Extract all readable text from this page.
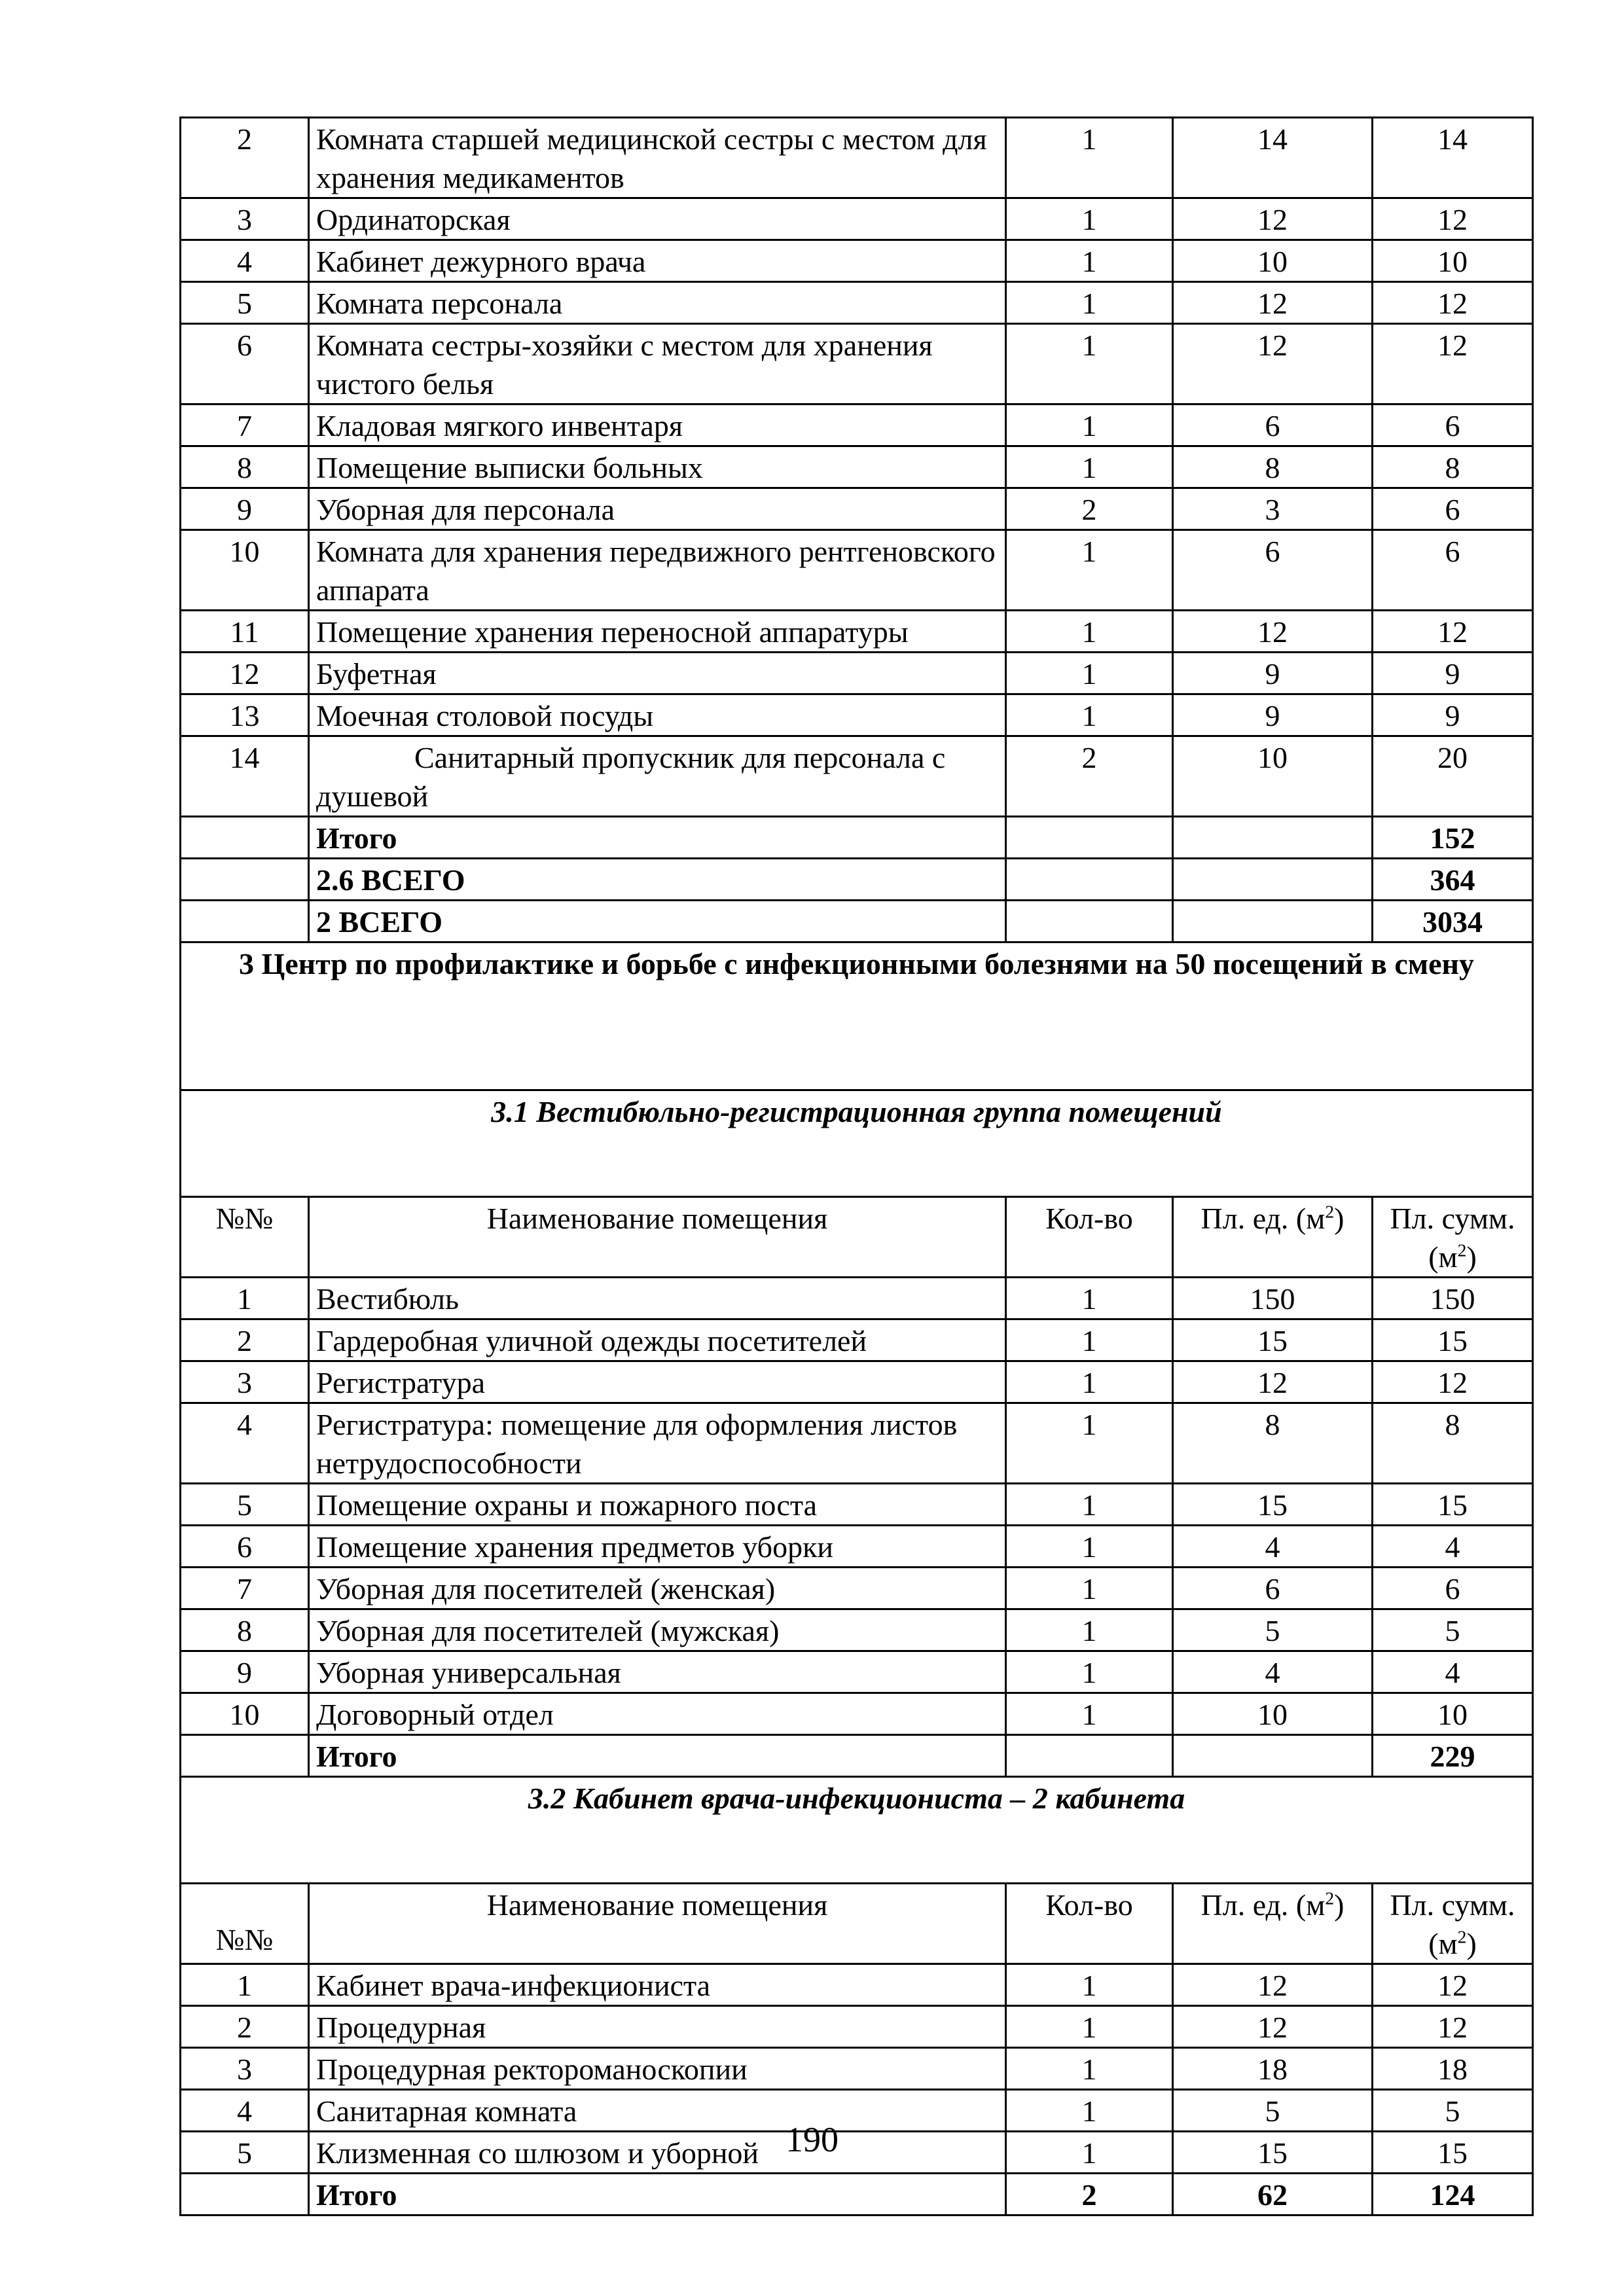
2	Комната старшей медицинской сестры с местом для хранения медикаментов	1	14	14
3	Ординаторская	1	12	12
4	Кабинет дежурного врача	1	10	10
5	Комната персонала	1	12	12
6	Комната сестры-хозяйки с местом для хранения чистого белья	1	12	12
7	Кладовая мягкого инвентаря	1	6	6
8	Помещение выписки больных	1	8	8
9	Уборная для персонала	2	3	6
10	Комната для хранения передвижного рентгеновского аппарата	1	6	6
11	Помещение хранения переносной аппаратуры	1	12	12
12	Буфетная	1	9	9
13	Моечная столовой посуды	1	9	9
14	Санитарный пропускник для персонала с душевой	2	10	20
	Итого			152
	2.6 ВСЕГО			364
	2 ВСЕГО			3034
3 Центр по профилактике и борьбе с инфекционными болезнями на 50 посещений в смену				
3.1 Вестибюльно-регистрационная группа помещений				
№№	Наименование помещения	Кол-во	Пл. ед. $(м^2)$	Пл. сумм.
$(м^2)$
1	Вестибюль	1	150	150
2	Гардеробная уличной одежды посетителей	1	15	15
3	Регистратура	1	12	12
4	Регистратура: помещение для оформления листов нетрудоспособности	1	8	8
5	Помещение охраны и пожарного поста	1	15	15
6	Помещение хранения предметов уборки	1	4	4
7	Уборная для посетителей (женская)	1	6	6
8	Уборная для посетителей (мужская)	1	5	5
9	Уборная универсальная	1	4	4
10	Договорный отдел	1	10	10
	Итого			229
3.2 Кабинет врача-инфекциониста – 2 кабинета				
№№	Наименование помещения	Кол-во	Пл. ед. $(м^2)$	Пл. сумм.
$(м^2)$
1	Кабинет врача-инфекциониста	1	12	12
2	Процедурная	1	12	12
3	Процедурная ректороманоскопии	1	18	18
4	Санитарная комната	1	5	5
5	Клизменная со шлюзом и уборной	1	15	15
	Итого	2	62	124
190
